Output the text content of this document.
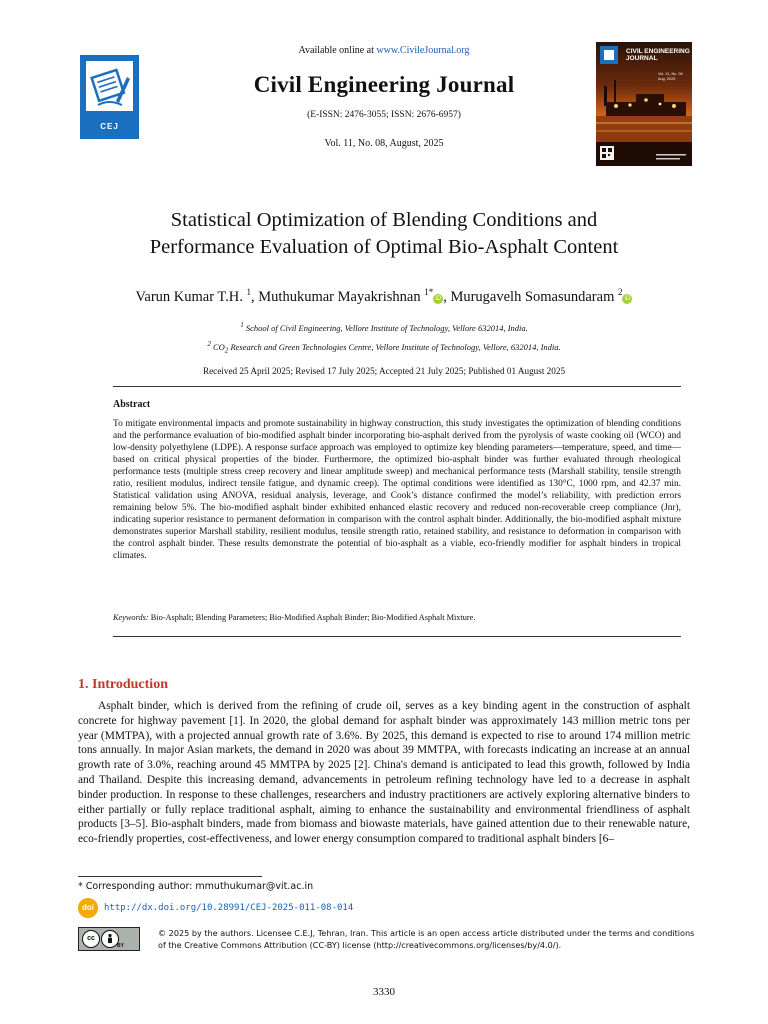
CEJ
Available online at www.CivileJournal.org
Civil Engineering Journal
(E-ISSN: 2476-3055; ISSN: 2676-6957)
Vol. 11, No. 08, August, 2025
CIVIL ENGINEERING
JOURNAL
Vol. 11, No. 08
Aug, 2025
Statistical Optimization of Blending Conditions and
Performance Evaluation of Optimal Bio-Asphalt Content
Varun Kumar T.H. $^1$, Muthukumar Mayakrishnan $^{1*}$iD , Murugavelh Somasundaram $^2$iD
$^1$ School of Civil Engineering, Vellore Institute of Technology, Vellore 632014, India.
$^2$ $CO_2$ Research and Green Technologies Centre, Vellore Institute of Technology, Vellore, 632014, India.
Received 25 April 2025; Revised 17 July 2025; Accepted 21 July 2025; Published 01 August 2025
Abstract
To mitigate environmental impacts and promote sustainability in highway construction, this study investigates the optimization of blending conditions and the performance evaluation of bio-modified asphalt binder incorporating bio-asphalt derived from the pyrolysis of waste cooking oil (WCO) and low-density polyethylene (LDPE). A response surface approach was employed to optimize key blending parameters—temperature, speed, and time—based on critical physical properties of the binder. Furthermore, the optimized bio-asphalt binder was further evaluated through rheological performance tests (multiple stress creep recovery and linear amplitude sweep) and mechanical performance tests (Marshall stability, tensile strength ratio, resilient modulus, indirect tensile fatigue, and dynamic creep). The optimal conditions were identified as 130°C, 1000 rpm, and 42.37 min. Statistical validation using ANOVA, residual analysis, leverage, and Cook’s distance confirmed the model’s reliability, with prediction errors remaining below 5%. The bio-modified asphalt binder exhibited enhanced elastic recovery and reduced non-recoverable creep compliance (Jnr), indicating superior resistance to permanent deformation in comparison with the control asphalt binder. Additionally, the bio-modified asphalt mixture demonstrates superior Marshall stability, resilient modulus, tensile strength ratio, retained stability, and resistance to deformation in comparison with the control asphalt binder. These results demonstrate the potential of bio-asphalt as a viable, eco-friendly modifier for asphalt binders in tropical climates.
Keywords: Bio-Asphalt; Blending Parameters; Bio-Modified Asphalt Binder; Bio-Modified Asphalt Mixture.
1. Introduction
Asphalt binder, which is derived from the refining of crude oil, serves as a key binding agent in the construction of asphalt concrete for highway pavement [1]. In 2020, the global demand for asphalt binder was approximately 143 million metric tons per year (MMTPA), with a projected annual growth rate of 3.6%. By 2025, this demand is expected to rise to around 174 million metric tons annually. In major Asian markets, the demand in 2020 was about 39 MMTPA, with forecasts indicating an increase at an annual growth rate of 3.0%, reaching around 45 MMTPA by 2025 [2]. China's demand is anticipated to lead this growth, followed by India and Thailand. Despite this increasing demand, advancements in petroleum refining technology have led to a decrease in asphalt binder production. In response to these challenges, researchers and industry practitioners are actively exploring alternative binders to either partially or fully replace traditional asphalt, aiming to enhance the sustainability and environmental friendliness of asphalt products [3–5]. Bio-asphalt binders, made from biomass and biowaste materials, have gained attention due to their renewable nature, eco-friendly properties, cost-effectiveness, and lower energy consumption compared to traditional asphalt binders [6–
* Corresponding author: mmuthukumar@vit.ac.in
doi	http://dx.doi.org/10.28991/CEJ-2025-011-08-014
cc
BY
© 2025 by the authors. Licensee C.E.J, Tehran, Iran. This article is an open access article distributed under the terms and conditions of the Creative Commons Attribution (CC-BY) license (http://creativecommons.org/licenses/by/4.0/).
3330
